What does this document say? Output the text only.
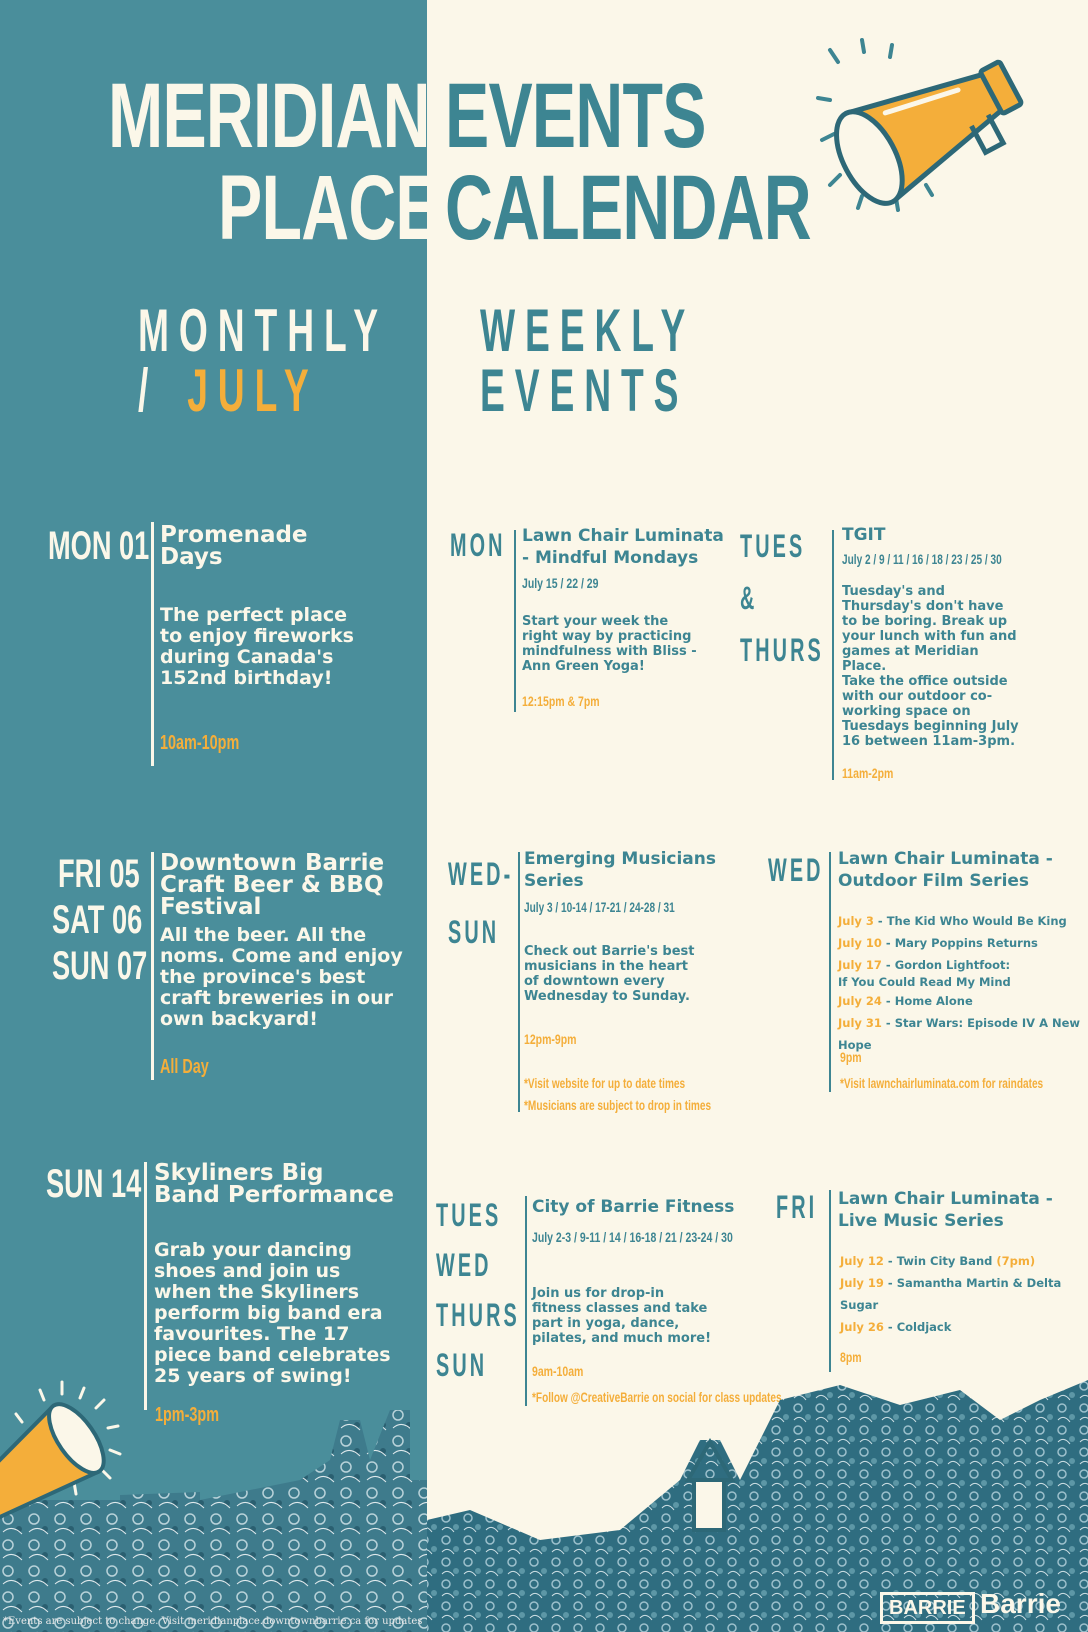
MERIDIAN
PLACE
EVENTS
CALENDAR
MONTHLY
/ JULY
WEEKLY
EVENTS
MON 01 Promenade Days
The perfect place to enjoy fireworks during Canada's 152nd birthday!
10am-10pm
FRI 05
SAT 06
SUN 07
Downtown Barrie Craft Beer & BBQ Festival
All the beer. All the noms. Come and enjoy the province's best craft breweries in our own backyard!
All Day
SUN 14 Skyliners Big Band Performance
Grab your dancing shoes and join us when the Skyliners perform big band era favourites. The 17 piece band celebrates 25 years of swing!
1pm-3pm
MON Lawn Chair Luminata - Mindful Mondays
July 15 / 22 / 29
Start your week the right way by practicing mindfulness with Bliss - Ann Green Yoga!
12:15pm & 7pm
TUES & THURS
TGIT
July 2 / 9 / 11 / 16 / 18 / 23 / 25 / 30
Tuesday's and Thursday's don't have to be boring. Break up your lunch with fun and games at Meridian Place.
Take the office outside with our outdoor co-working space on Tuesdays beginning July 16 between 11am-3pm.
11am-2pm
WED-SUN
Emerging Musicians Series
July 3 / 10-14 / 17-21 / 24-28 / 31
Check out Barrie's best musicians in the heart of downtown every Wednesday to Sunday.
12pm-9pm
*Visit website for up to date times
*Musicians are subject to drop in times
WED Lawn Chair Luminata - Outdoor Film Series
July 3 - The Kid Who Would Be King
July 10 - Mary Poppins Returns
July 17 - Gordon Lightfoot:
If You Could Read My Mind
July 24 - Home Alone
July 31 - Star Wars: Episode IV A New Hope
9pm
*Visit lawnchairluminata.com for raindates
TUES
WED
THURS
SUN
City of Barrie Fitness
July 2-3 / 9-11 / 14 / 16-18 / 21 / 23-24 / 30
Join us for drop-in fitness classes and take part in yoga, dance, pilates, and much more!
9am-10am
*Follow @CreativeBarrie on social for class updates
FRI Lawn Chair Luminata - Live Music Series
July 12 - Twin City Band (7pm)
July 19 - Samantha Martin & Delta Sugar
July 26 - Coldjack
8pm
*Events are subject to change. Visit meridianplace.downtownbarrie.ca for updates
BARRIE Barrie
